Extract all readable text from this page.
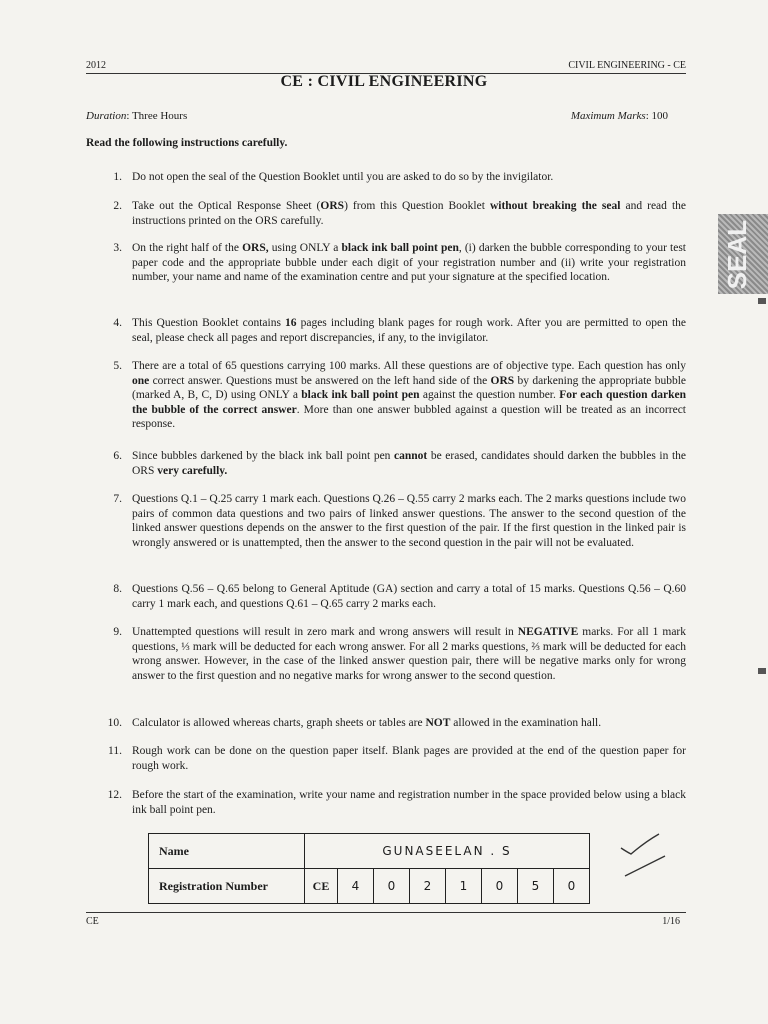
2012	CIVIL ENGINEERING - CE
CE : CIVIL ENGINEERING
Duration: Three Hours	Maximum Marks: 100
Read the following instructions carefully.
1. Do not open the seal of the Question Booklet until you are asked to do so by the invigilator.
2. Take out the Optical Response Sheet (ORS) from this Question Booklet without breaking the seal and read the instructions printed on the ORS carefully.
3. On the right half of the ORS, using ONLY a black ink ball point pen, (i) darken the bubble corresponding to your test paper code and the appropriate bubble under each digit of your registration number and (ii) write your registration number, your name and name of the examination centre and put your signature at the specified location.
4. This Question Booklet contains 16 pages including blank pages for rough work. After you are permitted to open the seal, please check all pages and report discrepancies, if any, to the invigilator.
5. There are a total of 65 questions carrying 100 marks. All these questions are of objective type. Each question has only one correct answer. Questions must be answered on the left hand side of the ORS by darkening the appropriate bubble (marked A, B, C, D) using ONLY a black ink ball point pen against the question number. For each question darken the bubble of the correct answer. More than one answer bubbled against a question will be treated as an incorrect response.
6. Since bubbles darkened by the black ink ball point pen cannot be erased, candidates should darken the bubbles in the ORS very carefully.
7. Questions Q.1 – Q.25 carry 1 mark each. Questions Q.26 – Q.55 carry 2 marks each. The 2 marks questions include two pairs of common data questions and two pairs of linked answer questions. The answer to the second question of the linked answer questions depends on the answer to the first question of the pair. If the first question in the linked pair is wrongly answered or is unattempted, then the answer to the second question in the pair will not be evaluated.
8. Questions Q.56 – Q.65 belong to General Aptitude (GA) section and carry a total of 15 marks. Questions Q.56 – Q.60 carry 1 mark each, and questions Q.61 – Q.65 carry 2 marks each.
9. Unattempted questions will result in zero mark and wrong answers will result in NEGATIVE marks. For all 1 mark questions, ⅓ mark will be deducted for each wrong answer. For all 2 marks questions, ⅔ mark will be deducted for each wrong answer. However, in the case of the linked answer question pair, there will be negative marks only for wrong answer to the first question and no negative marks for wrong answer to the second question.
10. Calculator is allowed whereas charts, graph sheets or tables are NOT allowed in the examination hall.
11. Rough work can be done on the question paper itself. Blank pages are provided at the end of the question paper for rough work.
12. Before the start of the examination, write your name and registration number in the space provided below using a black ink ball point pen.
Name	GUNASEELAN . S							
Registration Number	CE	4	0	2	1	0	5	0
SEAL
CE	1/16
